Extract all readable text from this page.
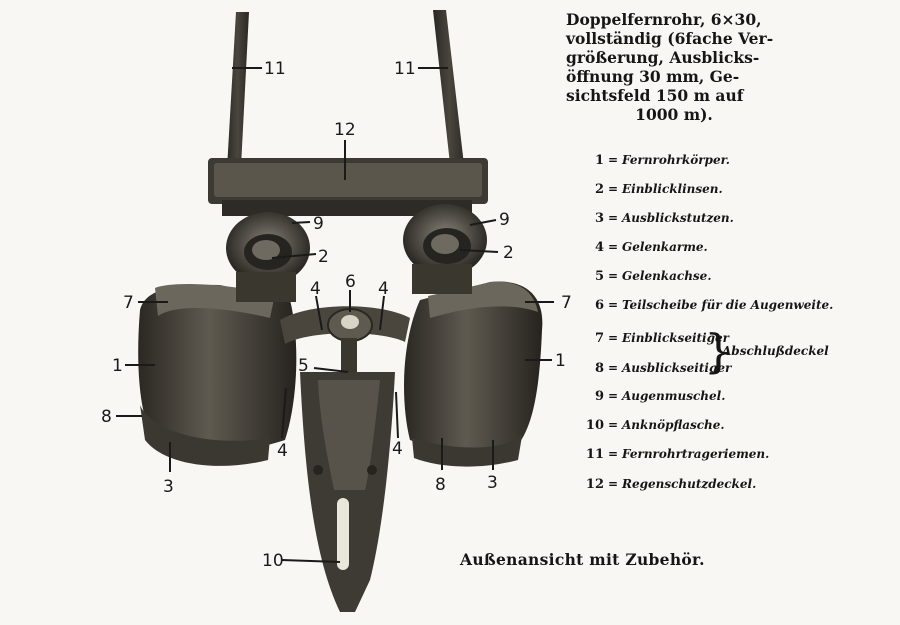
11	11
12
9	9
2	2
6
4	4
4	4
7	7
1	1
5
8
8
3	3
10
Doppelfernrohr, 6×30,
vollständig (6fache Ver-
größerung, Ausblicks-
öffnung 30 mm, Ge-
sichtsfeld 150 m auf
1000 m).
1 = Fernrohrkörper.
2 = Einblicklinsen.
3 = Ausblickstutzen.
4 = Gelenkarme.
5 = Gelenkachse.
6 = Teilscheibe für die Augenweite.
7 = Einblickseitiger
8 = Ausblickseitiger
9 = Augenmuschel.
10 = Anknöpflasche.
11 = Fernrohrtrageriemen.
12 = Regenschutzdeckel.
}
Abschlußdeckel
Außenansicht mit Zubehör.
